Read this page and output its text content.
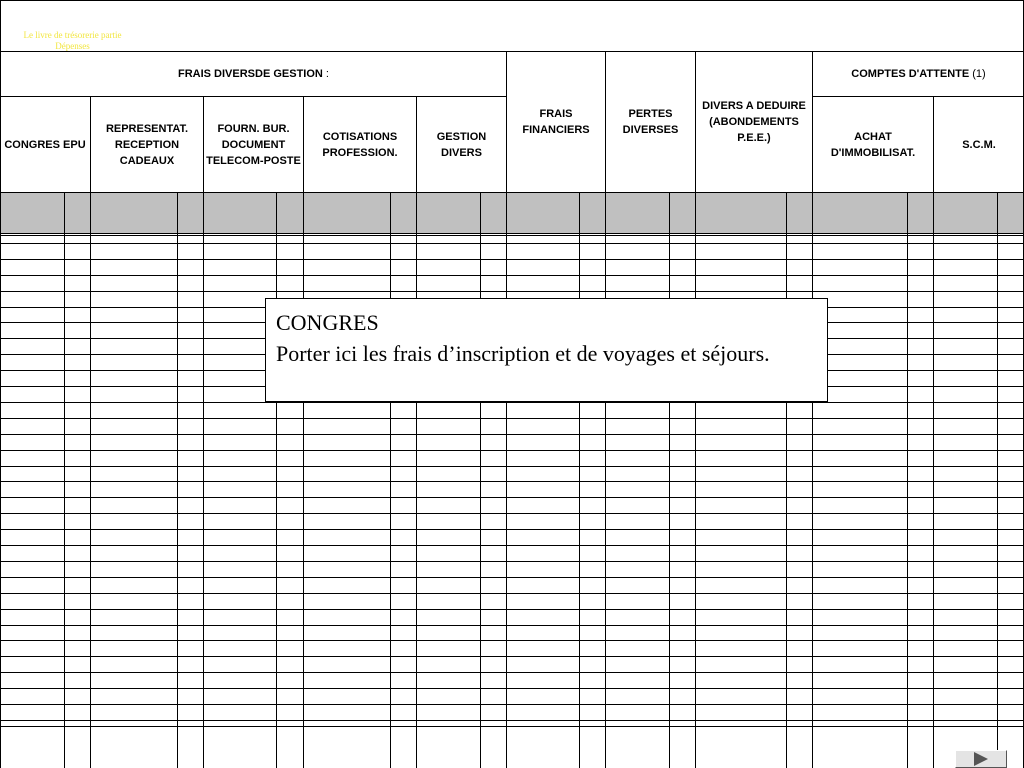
Le livre de trésorerie partie
Dépenses
FRAIS DIVERSDE GESTION :	COMPTES D'ATTENTE (1)
CONGRES EPU
REPRESENTAT.
RECEPTION
CADEAUX
FOURN. BUR.
DOCUMENT
TELECOM-POSTE
COTISATIONS
PROFESSION.
GESTION
DIVERS
FRAIS
FINANCIERS
PERTES
DIVERSES
DIVERS A DEDUIRE
(ABONDEMENTS
P.E.E.)	ACHAT
D'IMMOBILISAT.
S.C.M.
CONGRES
Porter ici les frais d’inscription et de voyages et séjours.
